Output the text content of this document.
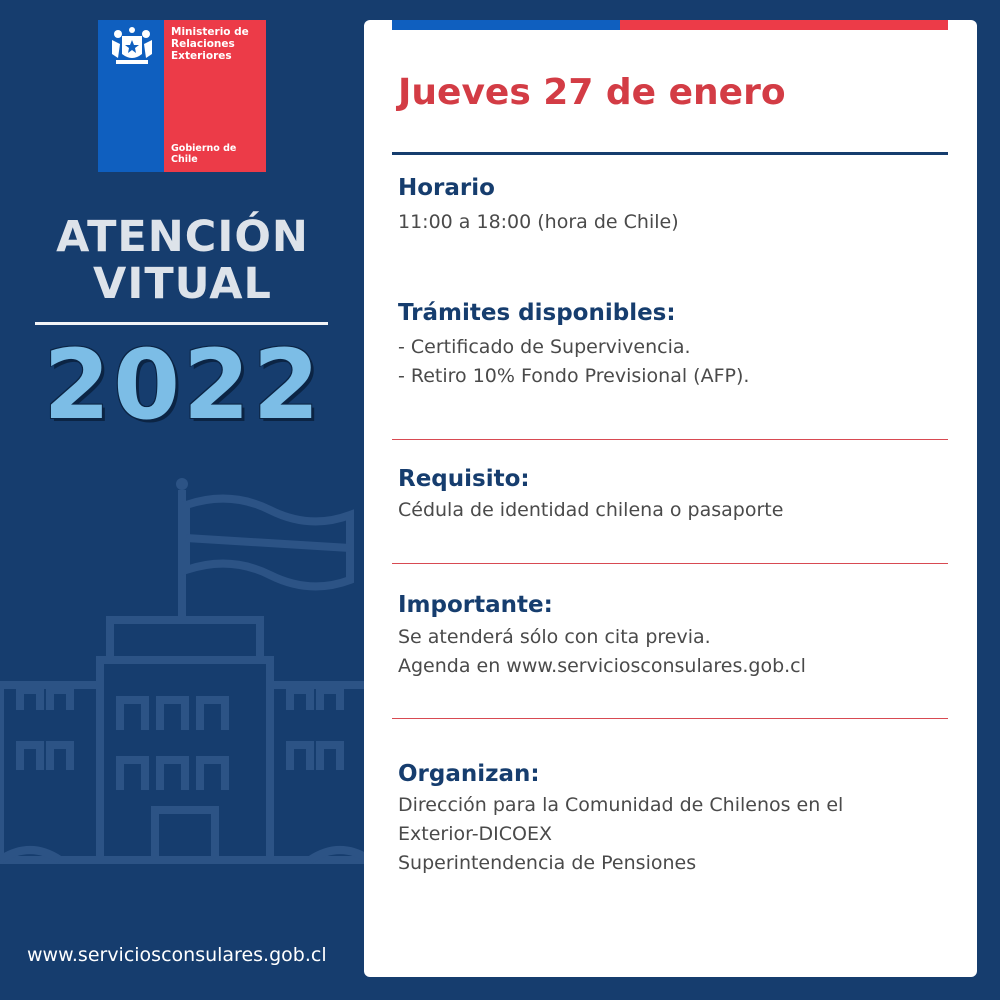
Ministerio de Relaciones Exteriores
Gobierno de Chile
ATENCIÓN
VITUAL
2022
www.serviciosconsulares.gob.cl
Jueves 27 de enero
Horario
11:00 a 18:00 (hora de Chile)
Trámites disponibles:
- Certificado de Supervivencia.
- Retiro 10% Fondo Previsional (AFP).
Requisito:
Cédula de identidad chilena o pasaporte
Importante:
Se atenderá sólo con cita previa.
Agenda en www.serviciosconsulares.gob.cl
Organizan:
Dirección para la Comunidad de Chilenos en el
Exterior-DICOEX
Superintendencia de Pensiones
